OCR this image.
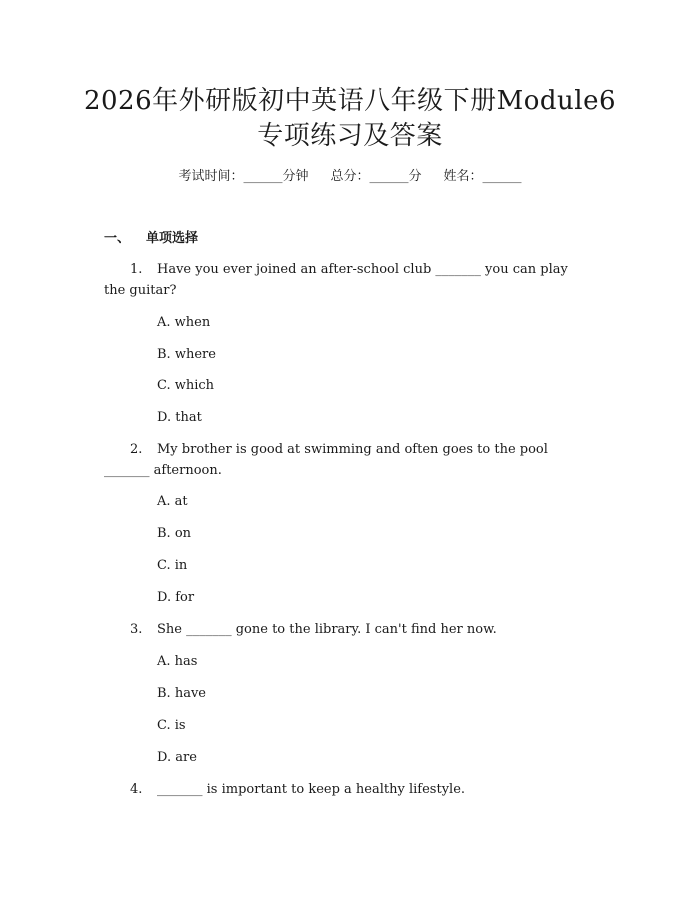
2026年外研版初中英语八年级下册Module6
专项练习及答案
考试时间：______分钟 总分：______分 姓名：______
一、 单项选择
1. Have you ever joined an after-school club _______ you can play
the guitar?
A. when
B. where
C. which
D. that
2. My brother is good at swimming and often goes to the pool
_______ afternoon.
A. at
B. on
C. in
D. for
3. She _______ gone to the library. I can't find her now.
A. has
B. have
C. is
D. are
4. _______ is important to keep a healthy lifestyle.
